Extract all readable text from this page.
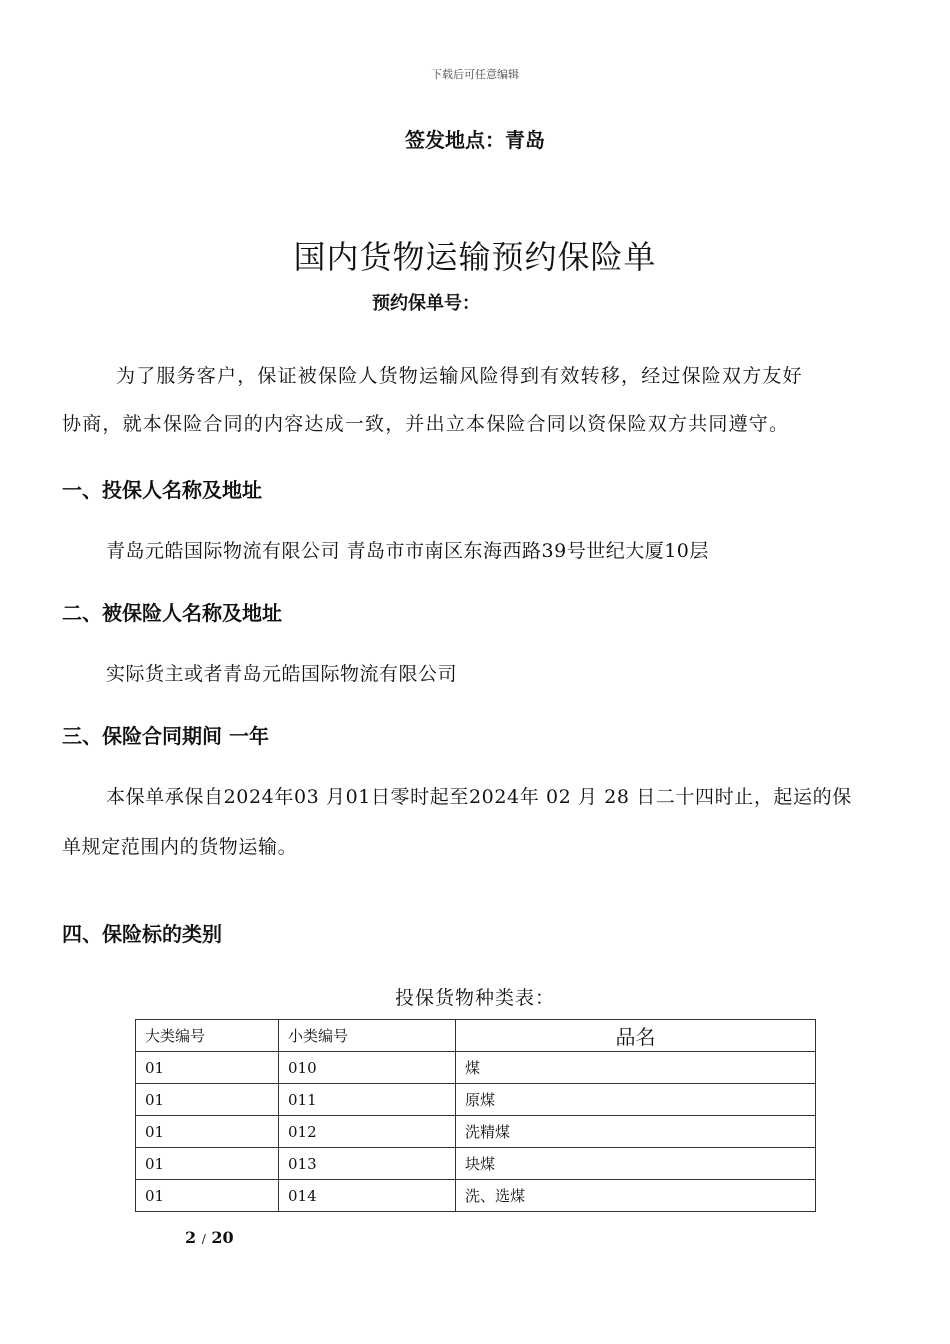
下载后可任意编辑
签发地点：青岛
国内货物运输预约保险单
预约保单号：
为了服务客户，保证被保险人货物运输风险得到有效转移，经过保险双方友好
协商，就本保险合同的内容达成一致，并出立本保险合同以资保险双方共同遵守。
一、投保人名称及地址
青岛元皓国际物流有限公司 青岛市市南区东海西路39号世纪大厦10层
二、被保险人名称及地址
实际货主或者青岛元皓国际物流有限公司
三、保险合同期间 一年
本保单承保自2024年03 月01日零时起至2024年 02 月 28 日二十四时止，起运的保
单规定范围内的货物运输。
四、保险标的类别
投保货物种类表：
大类编号	小类编号	品名
01	010	煤
01	011	原煤
01	012	洗精煤
01	013	块煤
01	014	洗、选煤
2 / 20
